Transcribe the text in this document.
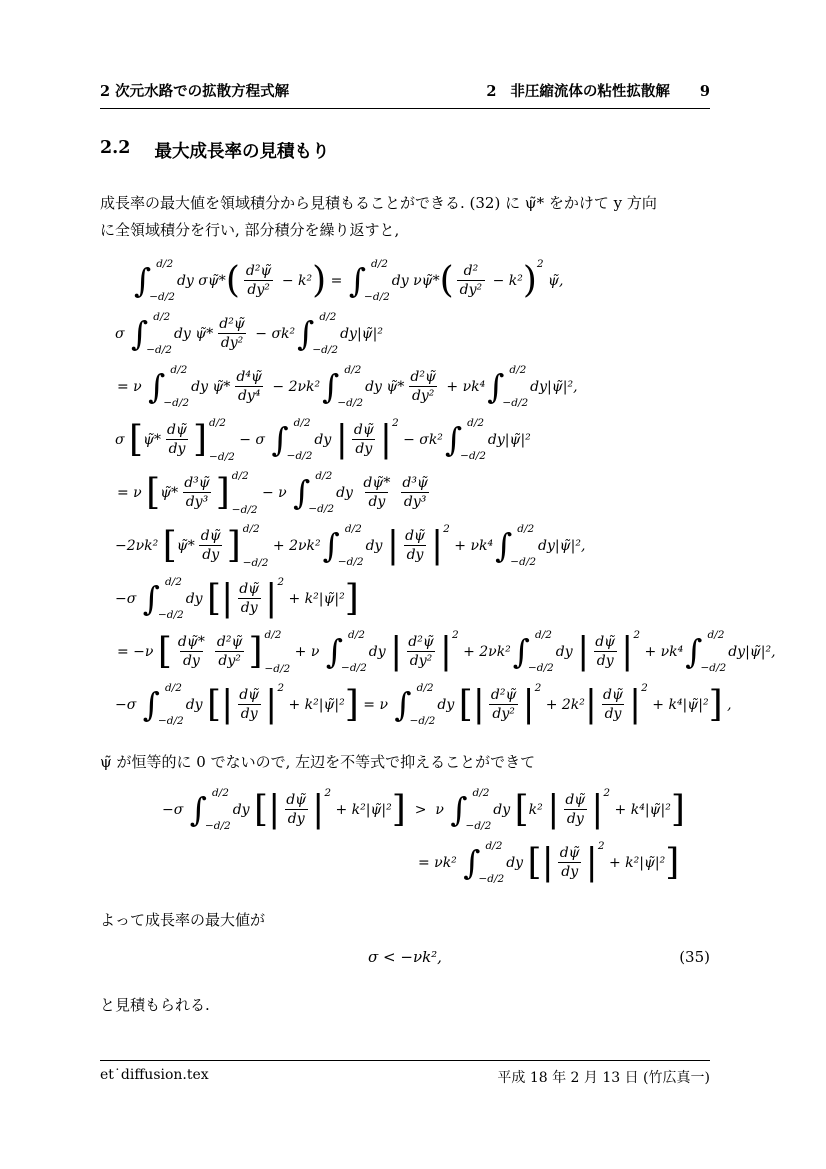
2 次元水路での拡散方程式解	2 非圧縮流体の粘性拡散解 9
2.2 最大成長率の見積もり
成長率の最大値を領域積分から見積もることができる. (32) に ψ̃* をかけて y 方向
に全領域積分を行い, 部分積分を繰り返すと,
∫ d/2
−d/2
dy σψ̃* ( $\frac{\text{d²ψ̃}}{\text{dy²}} - k^2$ ) = ∫ d/2
−d/2
dy νψ̃* ( $\frac{\text{d²}}{\text{dy²}} - k^2$ ) 2
ψ̃,
σ ∫ d/2
−d/2
dy ψ̃* $\frac{\text{d²ψ̃}}{\text{dy²}} - \sigma k^2$ ∫ d/2
−d/2
dy|ψ̃|²
= ν ∫ d/2
−d/2
dy ψ̃* $\frac{\text{d⁴ψ̃}}{\text{dy⁴}} - 2\nu k^2$ ∫ d/2
−d/2
dy ψ̃* $\frac{\text{d²ψ̃}}{\text{dy²}} + \nu k^4$ ∫ d/2
−d/2
dy|ψ̃|²,
σ [ ψ̃* $\frac{d\psĩ}{dy}$ ] d/2
−d/2
− σ ∫ d/2
−d/2
dy | $\frac{d\psĩ}{dy}$ | 2
− σk² ∫ d/2
−d/2
dy|ψ̃|²
= ν [ ψ̃* $\frac{\text{d³ψ̃}}{\text{dy³}}$ ] d/2
−d/2
− ν ∫ d/2
−d/2
dy $\frac{d\psĩ*}{dy} \frac{\text{d³ψ̃}}{\text{dy³}}$
−2νk² [ ψ̃* $\frac{d\psĩ}{dy}$ ] d/2
−d/2
+ 2νk² ∫ d/2
−d/2
dy | $\frac{d\psĩ}{dy}$ | 2
+ νk⁴ ∫ d/2
−d/2
dy|ψ̃|²,
−σ ∫ d/2
−d/2
dy [ | $\frac{d\psĩ}{dy}$ | 2
+ k²|ψ̃|² ]
= −ν [ $\frac{d\psĩ*}{dy} \frac{\text{d²ψ̃}}{\text{dy²}}$ ] d/2
−d/2
+ ν ∫ d/2
−d/2
dy | $\frac{\text{d²ψ̃}}{\text{dy²}}$ | 2
+ 2νk² ∫ d/2
−d/2
dy | $\frac{d\psĩ}{dy}$ | 2
+ νk⁴ ∫ d/2
−d/2
dy|ψ̃|²,
−σ ∫ d/2
−d/2
dy [ | $\frac{d\psĩ}{dy}$ | 2
+ k²|ψ̃|² ] = ν ∫ d/2
−d/2
dy [ | $\frac{\text{d²ψ̃}}{\text{dy²}}$ | 2
+ 2k² | $\frac{d\psĩ}{dy}$ | 2
+ k⁴|ψ̃|² ] ,
ψ̃ が恒等的に 0 でないので, 左辺を不等式で抑えることができて
−σ ∫ d/2
−d/2
dy [ | $\frac{d\psĩ}{dy}$ | 2
+ k²|ψ̃|² ] >  ν ∫ d/2
−d/2
dy [ k² | $\frac{d\psĩ}{dy}$ | 2
+ k⁴|ψ̃|² ]
= νk² ∫ d/2
−d/2
dy [ | $\frac{d\psĩ}{dy}$ | 2
+ k²|ψ̃|² ]
よって成長率の最大値が
σ < −νk²,	(35)
と見積もられる.
et˙diffusion.tex	平成 18 年 2 月 13 日 (竹広真一)
